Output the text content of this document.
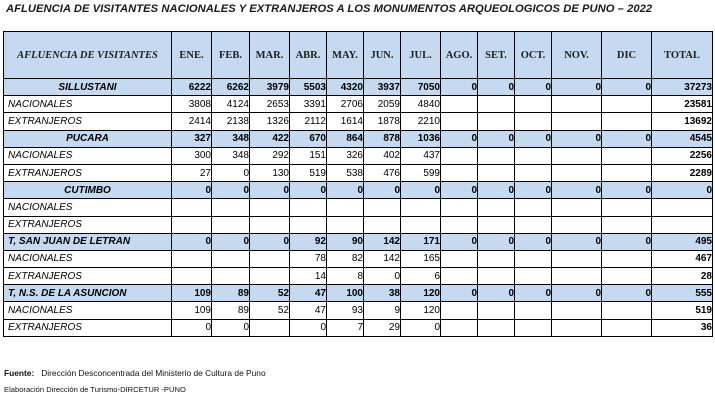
AFLUENCIA DE VISITANTES NACIONALES Y EXTRANJEROS A LOS MONUMENTOS ARQUEOLOGICOS DE PUNO – 2022
AFLUENCIA DE VISITANTES	ENE.	FEB.	MAR.	ABR.	MAY.	JUN.	JUL.	AGO.	SET.	OCT.	NOV.	DIC	TOTAL
SILLUSTANI	6222	6262	3979	5503	4320	3937	7050	0	0	0	0	0	37273
NACIONALES	3808	4124	2653	3391	2706	2059	4840						23581
EXTRANJEROS	2414	2138	1326	2112	1614	1878	2210						13692
PUCARA	327	348	422	670	864	878	1036	0	0	0	0	0	4545
NACIONALES	300	348	292	151	326	402	437						2256
EXTRANJEROS	27	0	130	519	538	476	599						2289
CUTIMBO	0	0	0	0	0	0	0	0	0	0	0	0	0
NACIONALES													
EXTRANJEROS													
T, SAN JUAN DE LETRAN	0	0	0	92	90	142	171	0	0	0	0	0	495
NACIONALES				78	82	142	165						467
EXTRANJEROS				14	8	0	6						28
T, N.S. DE LA ASUNCION	109	89	52	47	100	38	120	0	0	0	0	0	555
NACIONALES	109	89	52	47	93	9	120						519
EXTRANJEROS	0	0		0	7	29	0						36
Fuente: Dirección Desconcentrada del Ministerio de Cultura de Puno
Elaboración Dirección de Turismo-DIRCETUR -PUNO
